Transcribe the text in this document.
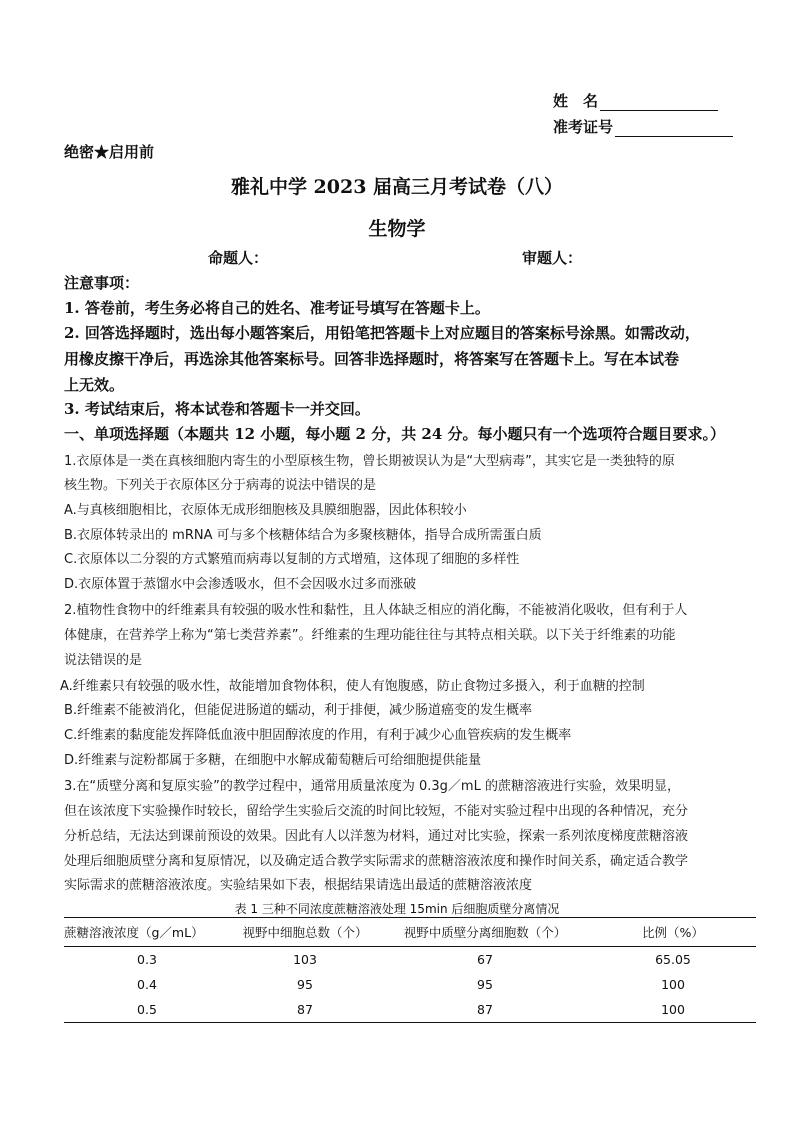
姓　名
准考证号
绝密★启用前
雅礼中学 2023 届高三月考试卷（八）
生物学
命题人：	审题人：
注意事项：
1. 答卷前，考生务必将自己的姓名、准考证号填写在答题卡上。
2. 回答选择题时，选出每小题答案后，用铅笔把答题卡上对应题目的答案标号涂黑。如需改动，
用橡皮擦干净后，再选涂其他答案标号。回答非选择题时，将答案写在答题卡上。写在本试卷
上无效。
3. 考试结束后，将本试卷和答题卡一并交回。
一、单项选择题（本题共 12 小题，每小题 2 分，共 24 分。每小题只有一个选项符合题目要求。）
1.衣原体是一类在真核细胞内寄生的小型原核生物，曾长期被误认为是“大型病毒”，其实它是一类独特的原
核生物。下列关于衣原体区分于病毒的说法中错误的是
A.与真核细胞相比，衣原体无成形细胞核及具膜细胞器，因此体积较小
B.衣原体转录出的 mRNA 可与多个核糖体结合为多聚核糖体，指导合成所需蛋白质
C.衣原体以二分裂的方式繁殖而病毒以复制的方式增殖，这体现了细胞的多样性
D.衣原体置于蒸馏水中会渗透吸水，但不会因吸水过多而涨破
2.植物性食物中的纤维素具有较强的吸水性和黏性，且人体缺乏相应的消化酶，不能被消化吸收，但有利于人
体健康，在营养学上称为“第七类营养素”。纤维素的生理功能往往与其特点相关联。以下关于纤维素的功能
说法错误的是
A.纤维素只有较强的吸水性，故能增加食物体积，使人有饱腹感，防止食物过多摄入，利于血糖的控制
B.纤维素不能被消化，但能促进肠道的蠕动，利于排便，减少肠道癌变的发生概率
C.纤维素的黏度能发挥降低血液中胆固醇浓度的作用，有利于减少心血管疾病的发生概率
D.纤维素与淀粉都属于多糖，在细胞中水解成葡萄糖后可给细胞提供能量
3.在“质壁分离和复原实验”的教学过程中，通常用质量浓度为 0.3g／mL 的蔗糖溶液进行实验，效果明显，
但在该浓度下实验操作时较长，留给学生实验后交流的时间比较短，不能对实验过程中出现的各种情况，充分
分析总结，无法达到课前预设的效果。因此有人以洋葱为材料，通过对比实验，探索一系列浓度梯度蔗糖溶液
处理后细胞质壁分离和复原情况，以及确定适合教学实际需求的蔗糖溶液浓度和操作时间关系，确定适合教学
实际需求的蔗糖溶液浓度。实验结果如下表，根据结果请选出最适的蔗糖溶液浓度
表 1 三种不同浓度蔗糖溶液处理 15min 后细胞质壁分离情况
蔗糖溶液浓度（g／mL）	视野中细胞总数（个）	视野中质壁分离细胞数（个）	比例（%）
0.3	103	67	65.05
0.4	95	95	100
0.5	87	87	100
